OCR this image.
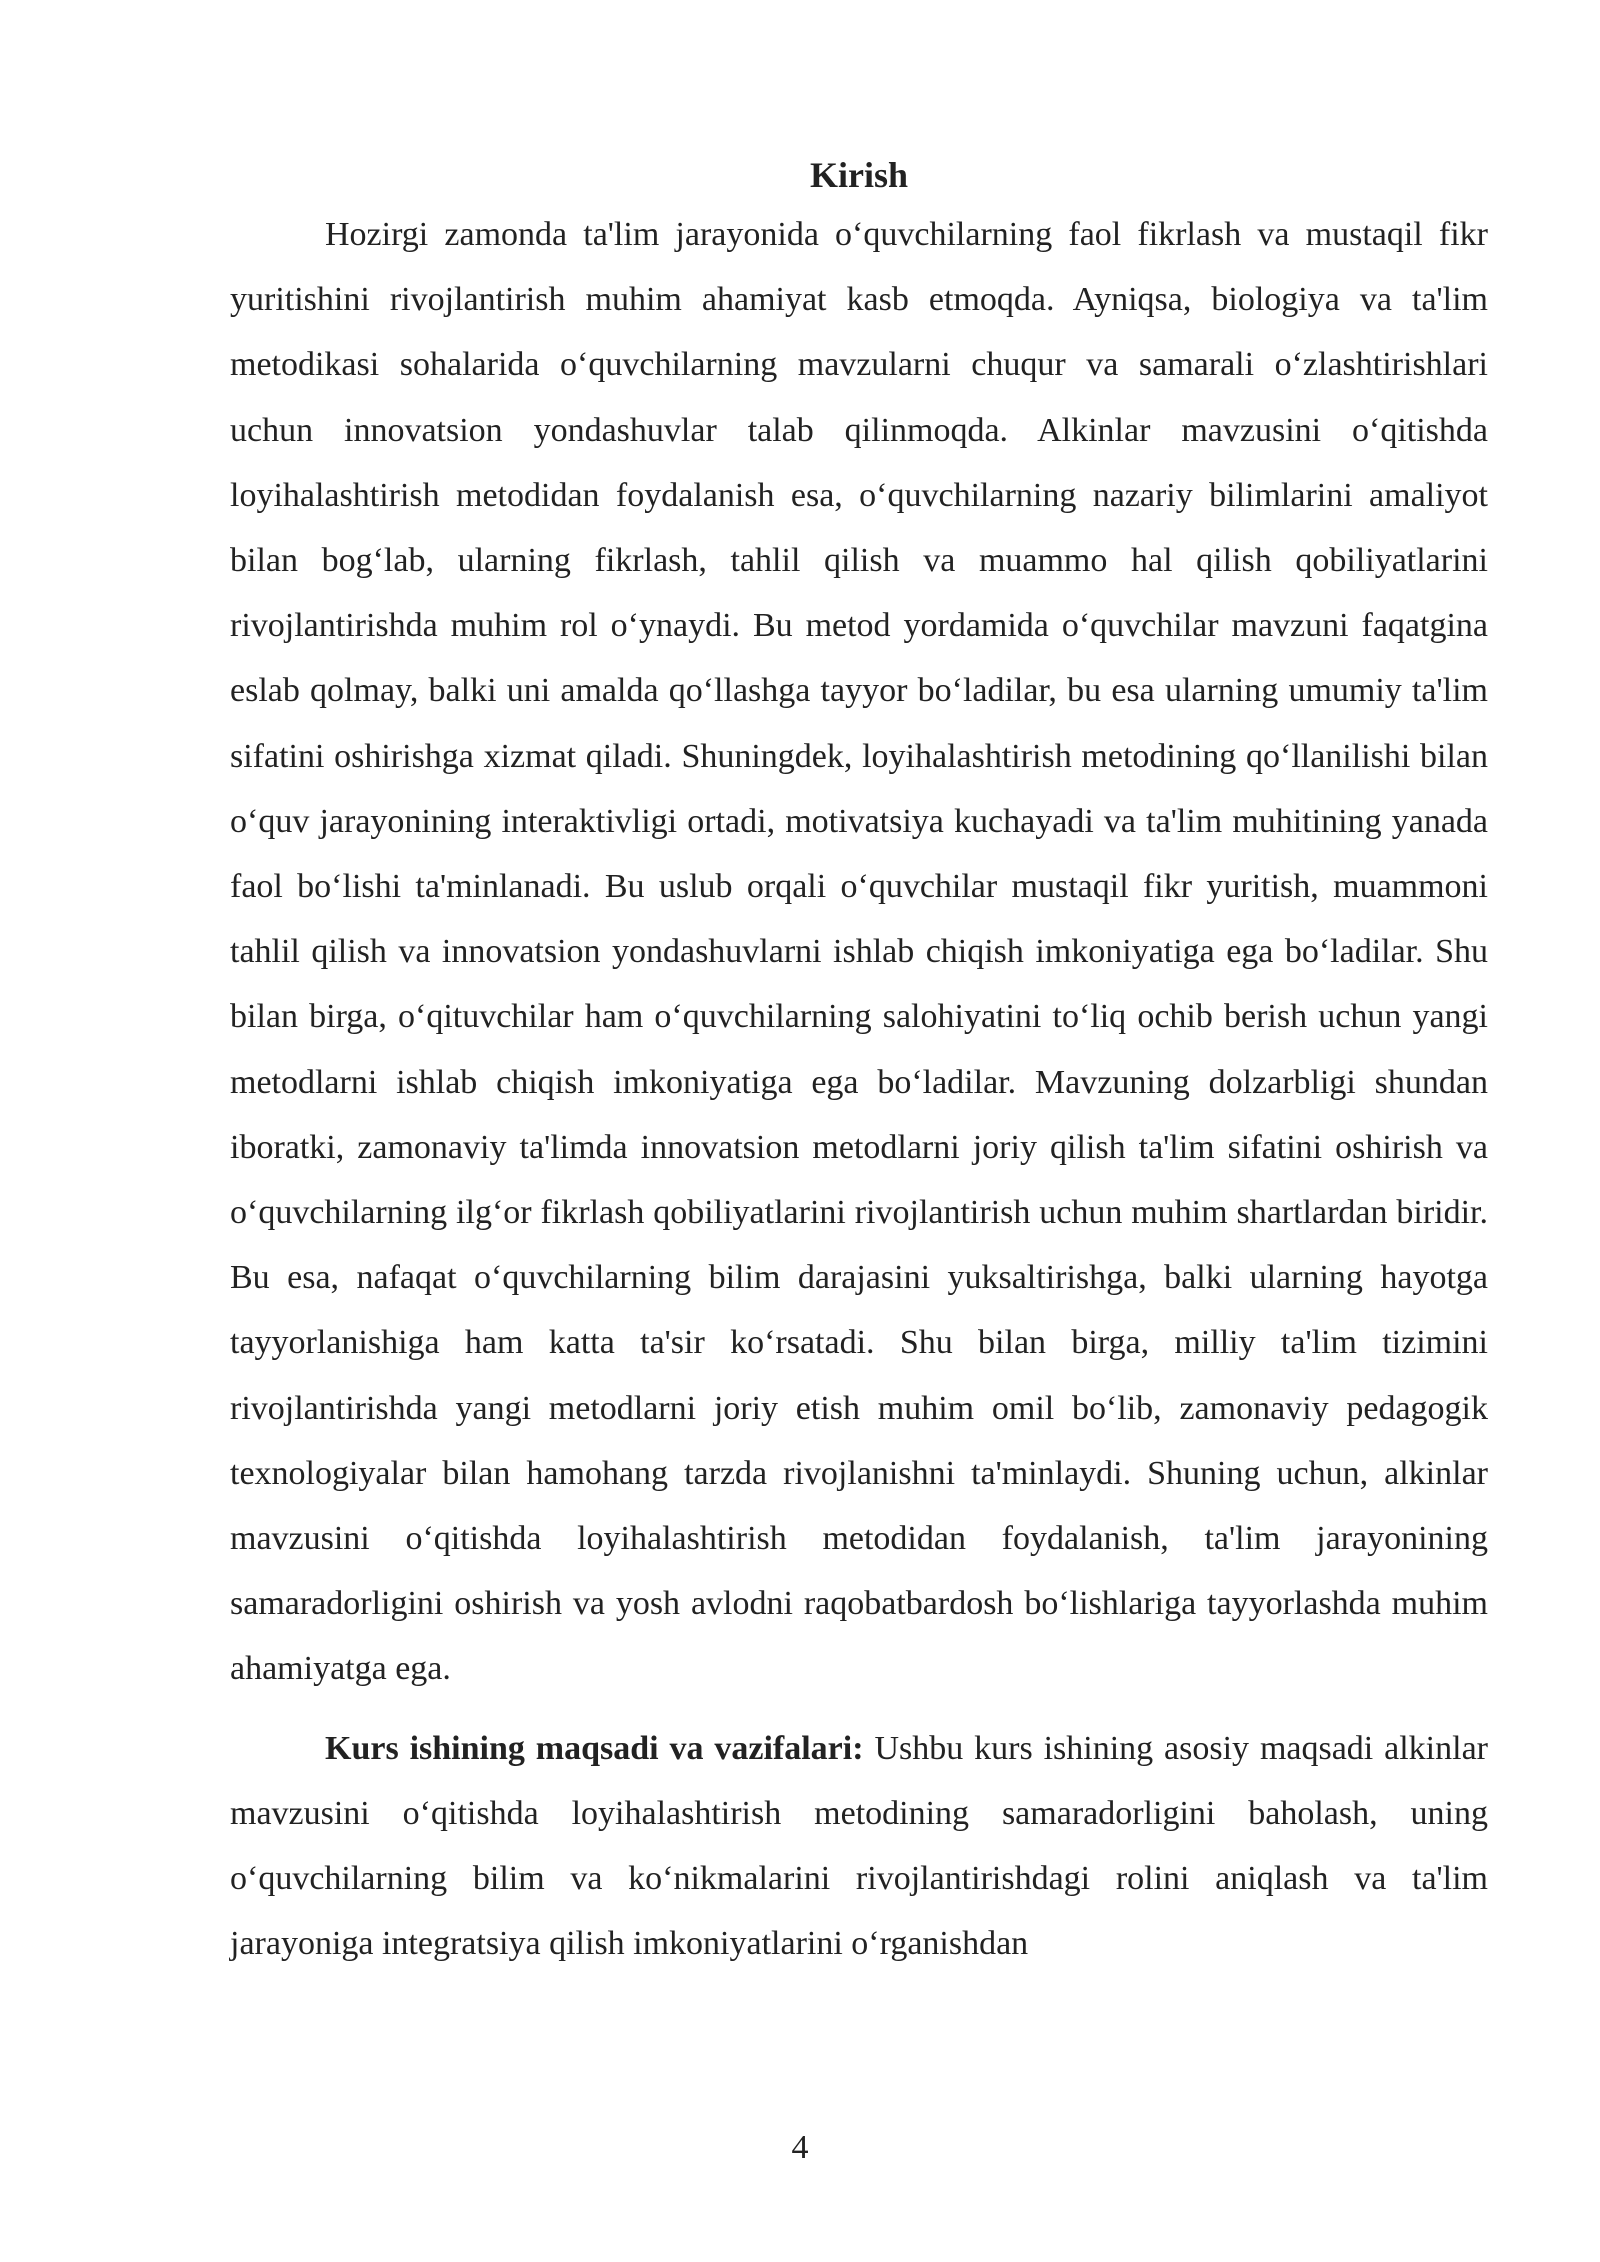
Kirish

Hozirgi zamonda ta'lim jarayonida o‘quvchilarning faol fikrlash va mustaqil fikr yuritishini rivojlantirish muhim ahamiyat kasb etmoqda. Ayniqsa, biologiya va ta'lim metodikasi sohalarida o‘quvchilarning mavzularni chuqur va samarali o‘zlashtirishlari uchun innovatsion yondashuvlar talab qilinmoqda. Alkinlar mavzusini o‘qitishda loyihalashtirish metodidan foydalanish esa, o‘quvchilarning nazariy bilimlarini amaliyot bilan bog‘lab, ularning fikrlash, tahlil qilish va muammo hal qilish qobiliyatlarini rivojlantirishda muhim rol o‘ynaydi. Bu metod yordamida o‘quvchilar mavzuni faqatgina eslab qolmay, balki uni amalda qo‘llashga tayyor bo‘ladilar, bu esa ularning umumiy ta'lim sifatini oshirishga xizmat qiladi. Shuningdek, loyihalashtirish metodining qo‘llanilishi bilan o‘quv jarayonining interaktivligi ortadi, motivatsiya kuchayadi va ta'lim muhitining yanada faol bo‘lishi ta'minlanadi. Bu uslub orqali o‘quvchilar mustaqil fikr yuritish, muammoni tahlil qilish va innovatsion yondashuvlarni ishlab chiqish imkoniyatiga ega bo‘ladilar. Shu bilan birga, o‘qituvchilar ham o‘quvchilarning salohiyatini to‘liq ochib berish uchun yangi metodlarni ishlab chiqish imkoniyatiga ega bo‘ladilar. Mavzuning dolzarbligi shundan iboratki, zamonaviy ta'limda innovatsion metodlarni joriy qilish ta'lim sifatini oshirish va o‘quvchilarning ilg‘or fikrlash qobiliyatlarini rivojlantirish uchun muhim shartlardan biridir. Bu esa, nafaqat o‘quvchilarning bilim darajasini yuksaltirishga, balki ularning hayotga tayyorlanishiga ham katta ta'sir ko‘rsatadi. Shu bilan birga, milliy ta'lim tizimini rivojlantirishda yangi metodlarni joriy etish muhim omil bo‘lib, zamonaviy pedagogik texnologiyalar bilan hamohang tarzda rivojlanishni ta'minlaydi. Shuning uchun, alkinlar mavzusini o‘qitishda loyihalashtirish metodidan foydalanish, ta'lim jarayonining samaradorligini oshirish va yosh avlodni raqobatbardosh bo‘lishlariga tayyorlashda muhim ahamiyatga ega.

Kurs ishining maqsadi va vazifalari: Ushbu kurs ishining asosiy maqsadi alkinlar mavzusini o‘qitishda loyihalashtirish metodining samaradorligini baholash, uning o‘quvchilarning bilim va ko‘nikmalarini rivojlantirishdagi rolini aniqlash va ta'lim jarayoniga integratsiya qilish imkoniyatlarini o‘rganishdan

4
